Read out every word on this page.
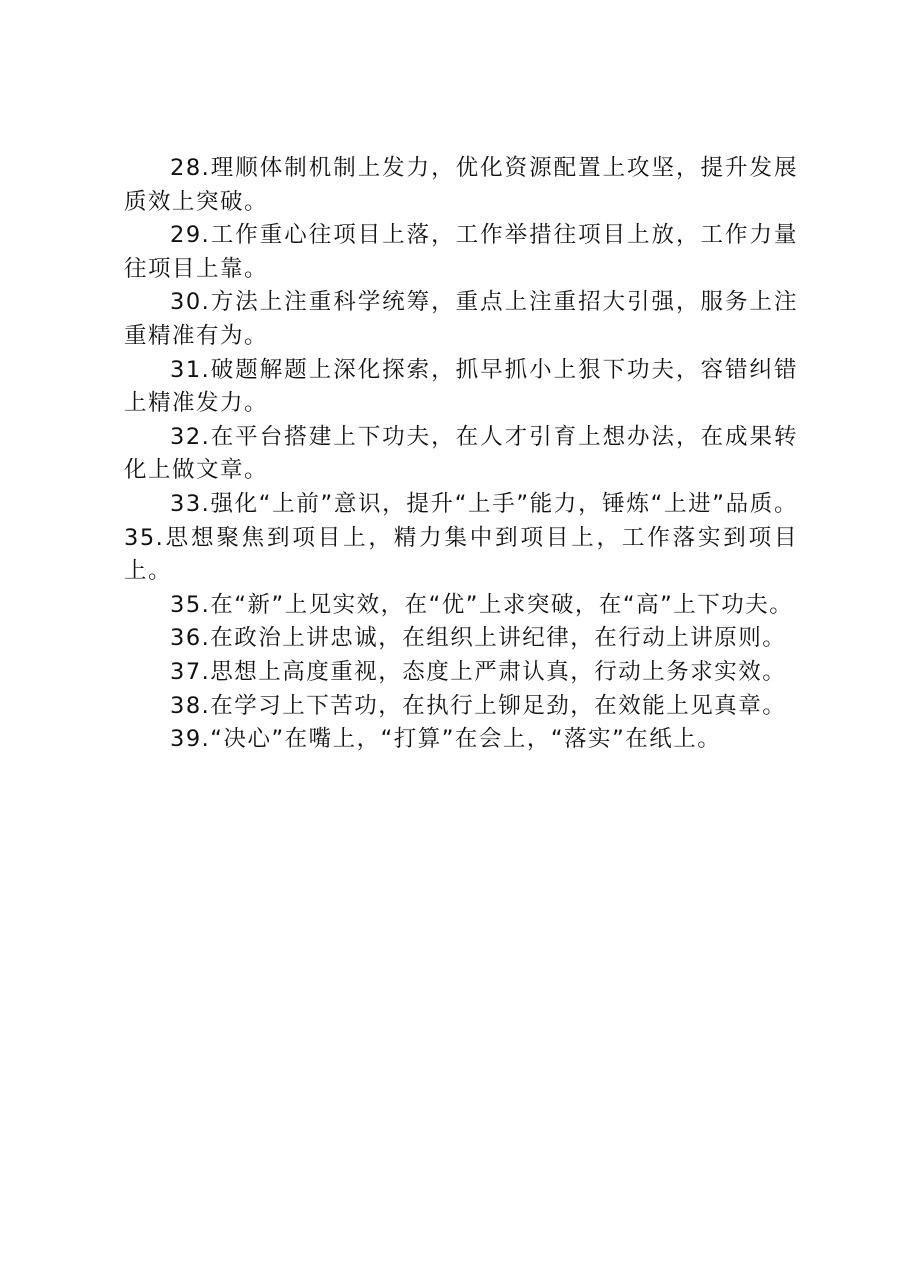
28.理顺体制机制上发力，优化资源配置上攻坚，提升发展质效上突破。

29.工作重心往项目上落，工作举措往项目上放，工作力量往项目上靠。

30.方法上注重科学统筹，重点上注重招大引强，服务上注重精准有为。

31.破题解题上深化探索，抓早抓小上狠下功夫，容错纠错上精准发力。

32.在平台搭建上下功夫，在人才引育上想办法，在成果转化上做文章。

33.强化“上前”意识，提升“上手”能力，锤炼“上进”品质。35.思想聚焦到项目上，精力集中到项目上，工作落实到项目上。

35.在“新”上见实效，在“优”上求突破，在“高”上下功夫。

36.在政治上讲忠诚，在组织上讲纪律，在行动上讲原则。

37.思想上高度重视，态度上严肃认真，行动上务求实效。

38.在学习上下苦功，在执行上铆足劲，在效能上见真章。

39.“决心”在嘴上，“打算”在会上，“落实”在纸上。
